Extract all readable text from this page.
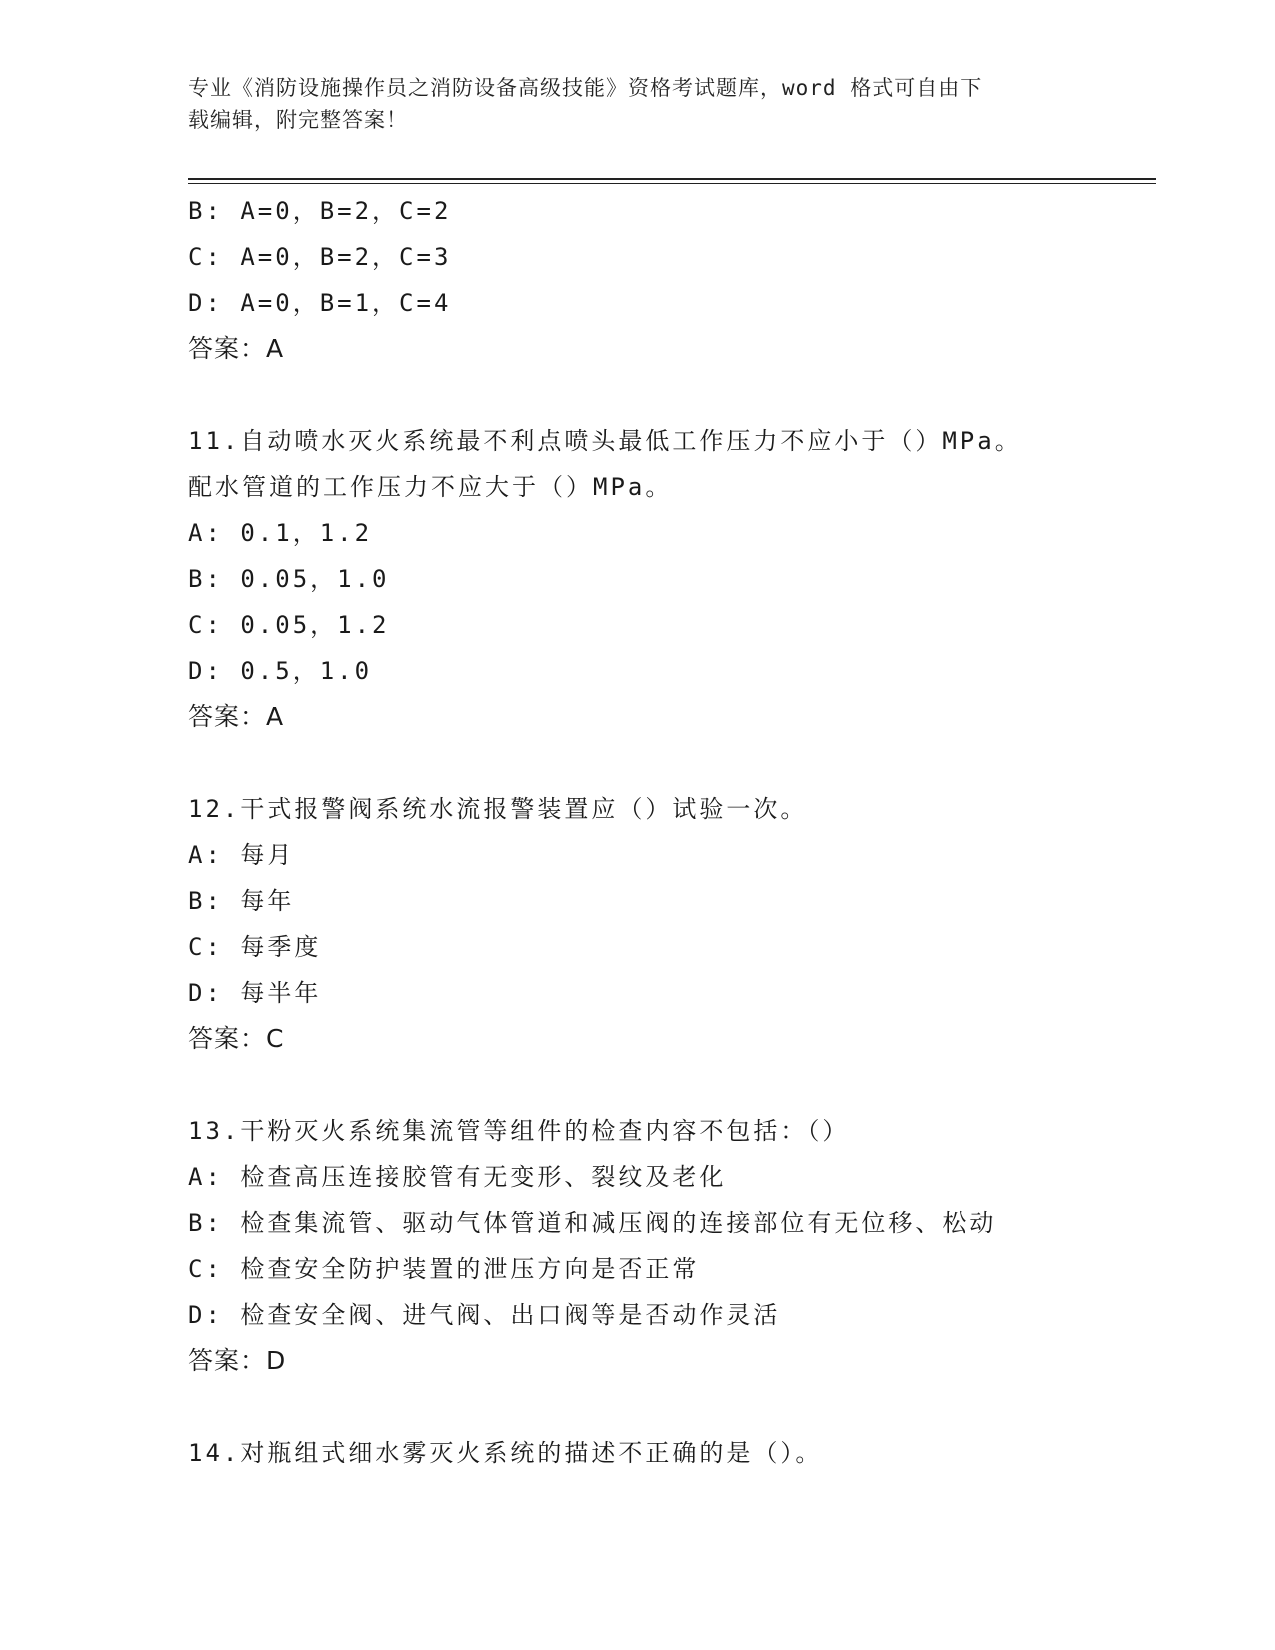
专业《消防设施操作员之消防设备高级技能》资格考试题库，word 格式可自由下
载编辑，附完整答案！
B: A=0，B=2，C=2
C: A=0，B=2，C=3
D: A=0，B=1，C=4
答案：A
11.自动喷水灭火系统最不利点喷头最低工作压力不应小于（）MPa。
配水管道的工作压力不应大于（）MPa。
A: 0.1，1.2
B: 0.05，1.0
C: 0.05，1.2
D: 0.5，1.0
答案：A
12.干式报警阀系统水流报警装置应（）试验一次。
A: 每月
B: 每年
C: 每季度
D: 每半年
答案：C
13.干粉灭火系统集流管等组件的检查内容不包括：（）
A: 检查高压连接胶管有无变形、裂纹及老化
B: 检查集流管、驱动气体管道和减压阀的连接部位有无位移、松动
C: 检查安全防护装置的泄压方向是否正常
D: 检查安全阀、进气阀、出口阀等是否动作灵活
答案：D
14.对瓶组式细水雾灭火系统的描述不正确的是（）。
